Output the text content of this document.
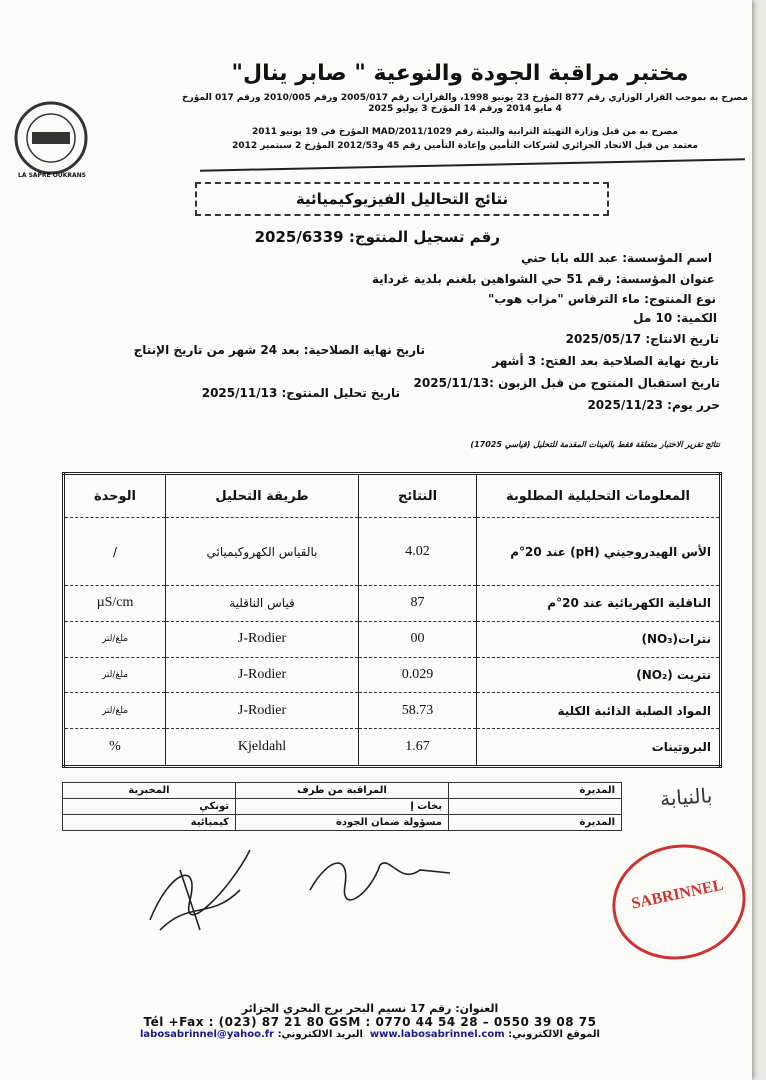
مختبر مراقبة الجودة والنوعية " صابر ينال"
مصرح به بموجب القرار الوزاري رقم 877 المؤرخ 23 يونيو 1998، والقرارات رقم 2005/017 ورقم 2010/005 ورقم 017 المؤرخ 4 مايو 2014 ورقم 14 المؤرخ 3 يوليو 2025
مصرح به من قبل وزارة التهيئة الترابية والبيئة رقم MAD/2011/1029 المؤرخ في 19 يونيو 2011
معتمد من قبل الاتحاد الجزائري لشركات التأمين وإعادة التأمين رقم 45 و2012/53 المؤرخ 2 سبتمبر 2012
LA SAPRE OUKRANS
نتائج التحاليل الفيزيوكيميائية
رقم تسجيل المنتوج: 2025/6339
اسم المؤسسة: عبد الله بابا حني
عنوان المؤسسة: رقم 51 حي الشواهين بلغنم بلدية غرداية
نوع المنتوج: ماء الترفاس "مزاب هوب"
الكمية: 10 مل
تاريخ الانتاج: 2025/05/17
تاريخ نهاية الصلاحية بعد الفتح: 3 أشهر
تاريخ نهاية الصلاحية: بعد 24 شهر من تاريخ الإنتاج
تاريخ استقبال المنتوج من قبل الزبون :2025/11/13
تاريخ تحليل المنتوج: 2025/11/13
حرر يوم: 2025/11/23
نتائج تقرير الاختبار متعلقة فقط بالعينات المقدمة للتحليل (قياسي 17025)
المعلومات التحليلية المطلوبة	النتائج	طريقة التحليل	الوحدة
الأس الهيدروجيني (pH) عند 20°م	4.02	بالقياس الكهروكيميائي	/
الناقلية الكهربائية عند 20°م	87	قياس الناقلية	µS/cm
نترات(NO₃)	00	J-Rodier	ملغ/لتر
نتريت (NO₂)	0.029	J-Rodier	ملغ/لتر
المواد الصلبة الذائبة الكلية	58.73	J-Rodier	ملغ/لتر
البروتينات	1.67	Kjeldahl	%
المديرة	المراقبة من طرف	المخبرية
	بخات إ	تونكي
المديرة	مسؤولة ضمان الجودة	كيميائية
بالنيابة
SABRINNEL
العنوان: رقم 17 نسيم البحر برج البحري الجزائر
Tél +Fax : (023) 87 21 80 GSM : 0770 44 54 28 – 0550 39 08 75
الموقع الالكتروني: www.labosabrinnel.com  البريد الالكتروني: labosabrinnel@yahoo.fr
